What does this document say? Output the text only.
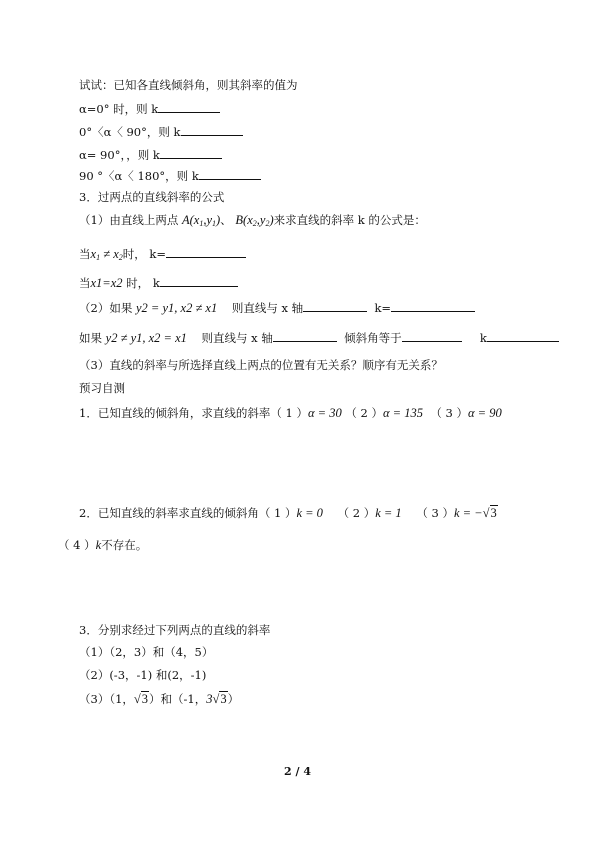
试试：已知各直线倾斜角，则其斜率的值为
α=0° 时，则 k
0°〈α〈 90°，则 k
α= 90°，，则 k
90 °〈α〈 180°，则 k
3．过两点的直线斜率的公式
（1）由直线上两点 $A(x_1,y_1)$、 $B(x_2,y_2)$来求直线的斜率 k 的公式是：
当$x_1 \ne x_2$时， k=
当x1=x2 时， k
（2）如果 y2 = y1, x2 ≠ x1 则直线与 x 轴	k=
如果 y2 ≠ y1, x2 = x1 则直线与 x 轴	倾斜角等于	k
（3）直线的斜率与所选择直线上两点的位置有无关系？顺序有无关系？
预习自测
1．已知直线的倾斜角，求直线的斜率（ 1 ）α = 30 （ 2 ）α = 135 （ 3 ）α = 90
2．已知直线的斜率求直线的倾斜角（ 1 ）k = 0 （ 2 ）k = 1 （ 3 ）k = −√3
（ 4 ）k不存在。
3．分别求经过下列两点的直线的斜率
（1）（2，3）和（4，5）
（2）(-3，-1) 和(2，-1)
（3）（1，√3）和（-1，3√3）
2 / 4
